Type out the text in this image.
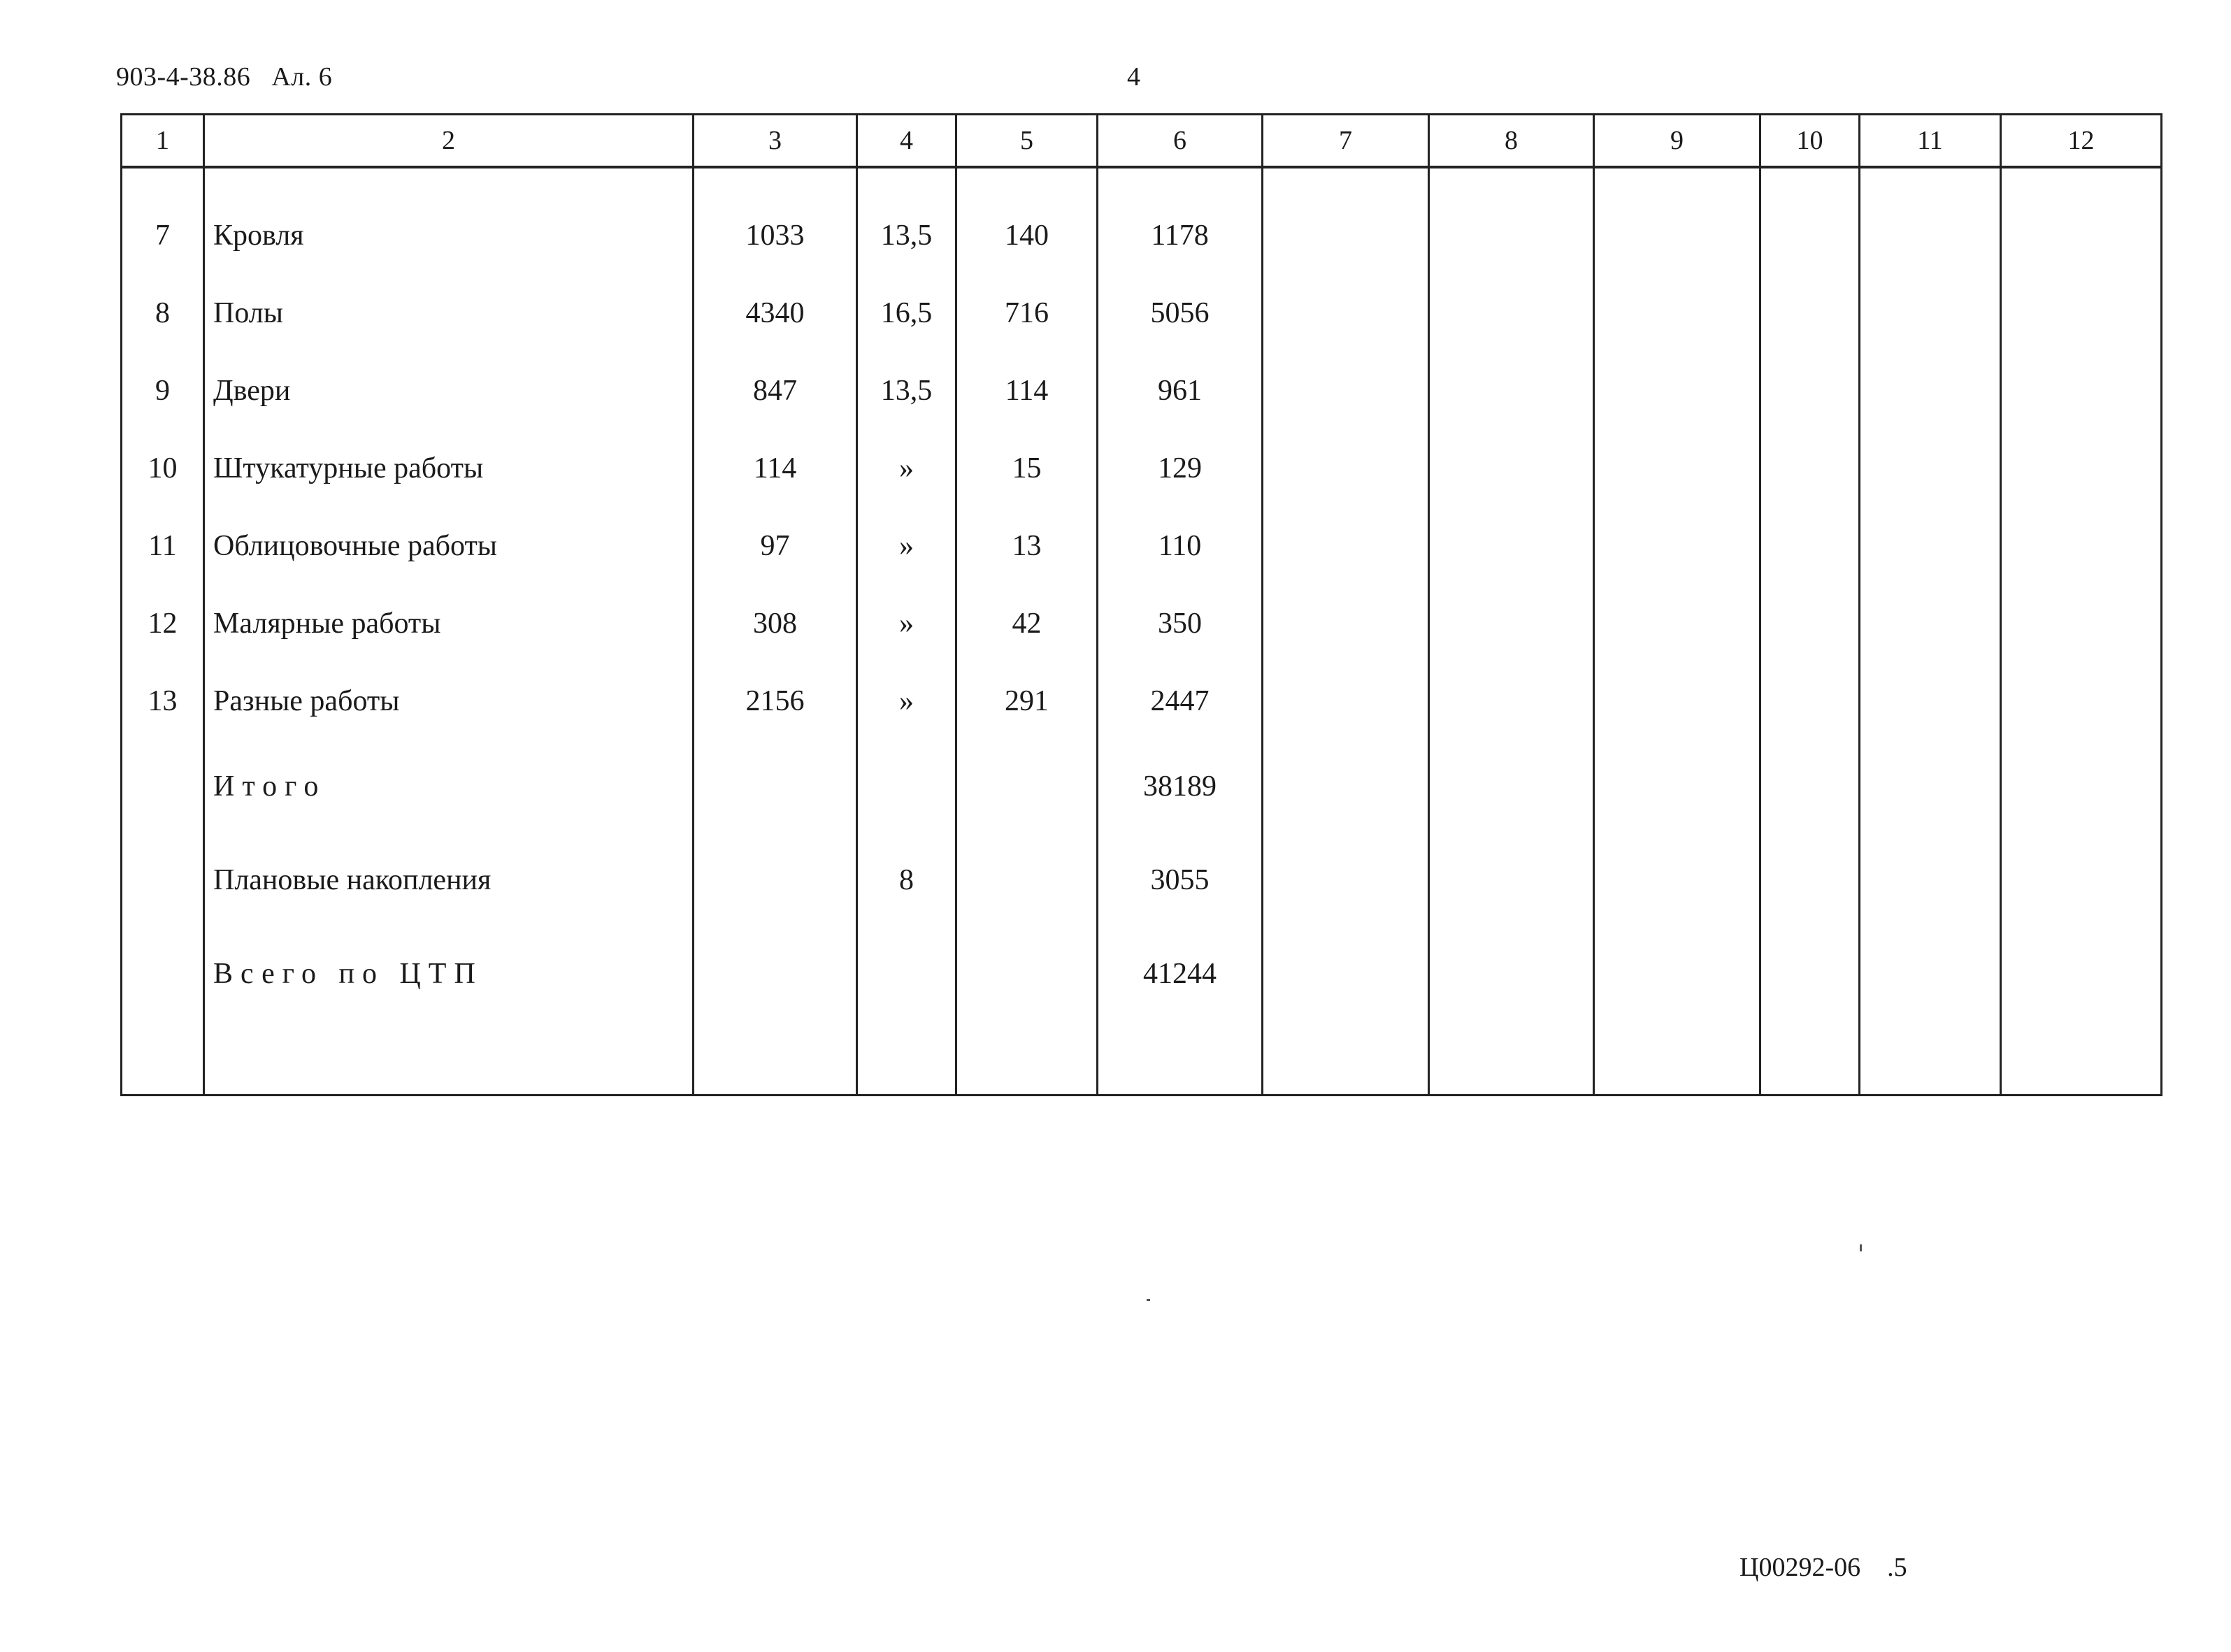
903-4-38.86 Ал. 6	4
1	2	3	4	5	6	7	8	9	10	11	12

7	Кровля	1033	13,5	140	1178						
8	Полы	4340	16,5	716	5056						
9	Двери	847	13,5	114	961						
10	Штукатурные работы	114	»	15	129						
11	Облицовочные работы	97	»	13	110						
12	Малярные работы	308	»	42	350						
13	Разные работы	2156	»	291	2447						
	Итого				38189						
	Плановые накопления		8		3055						
	Всего по ЦТП				41244						

Ц00292-06 .5
